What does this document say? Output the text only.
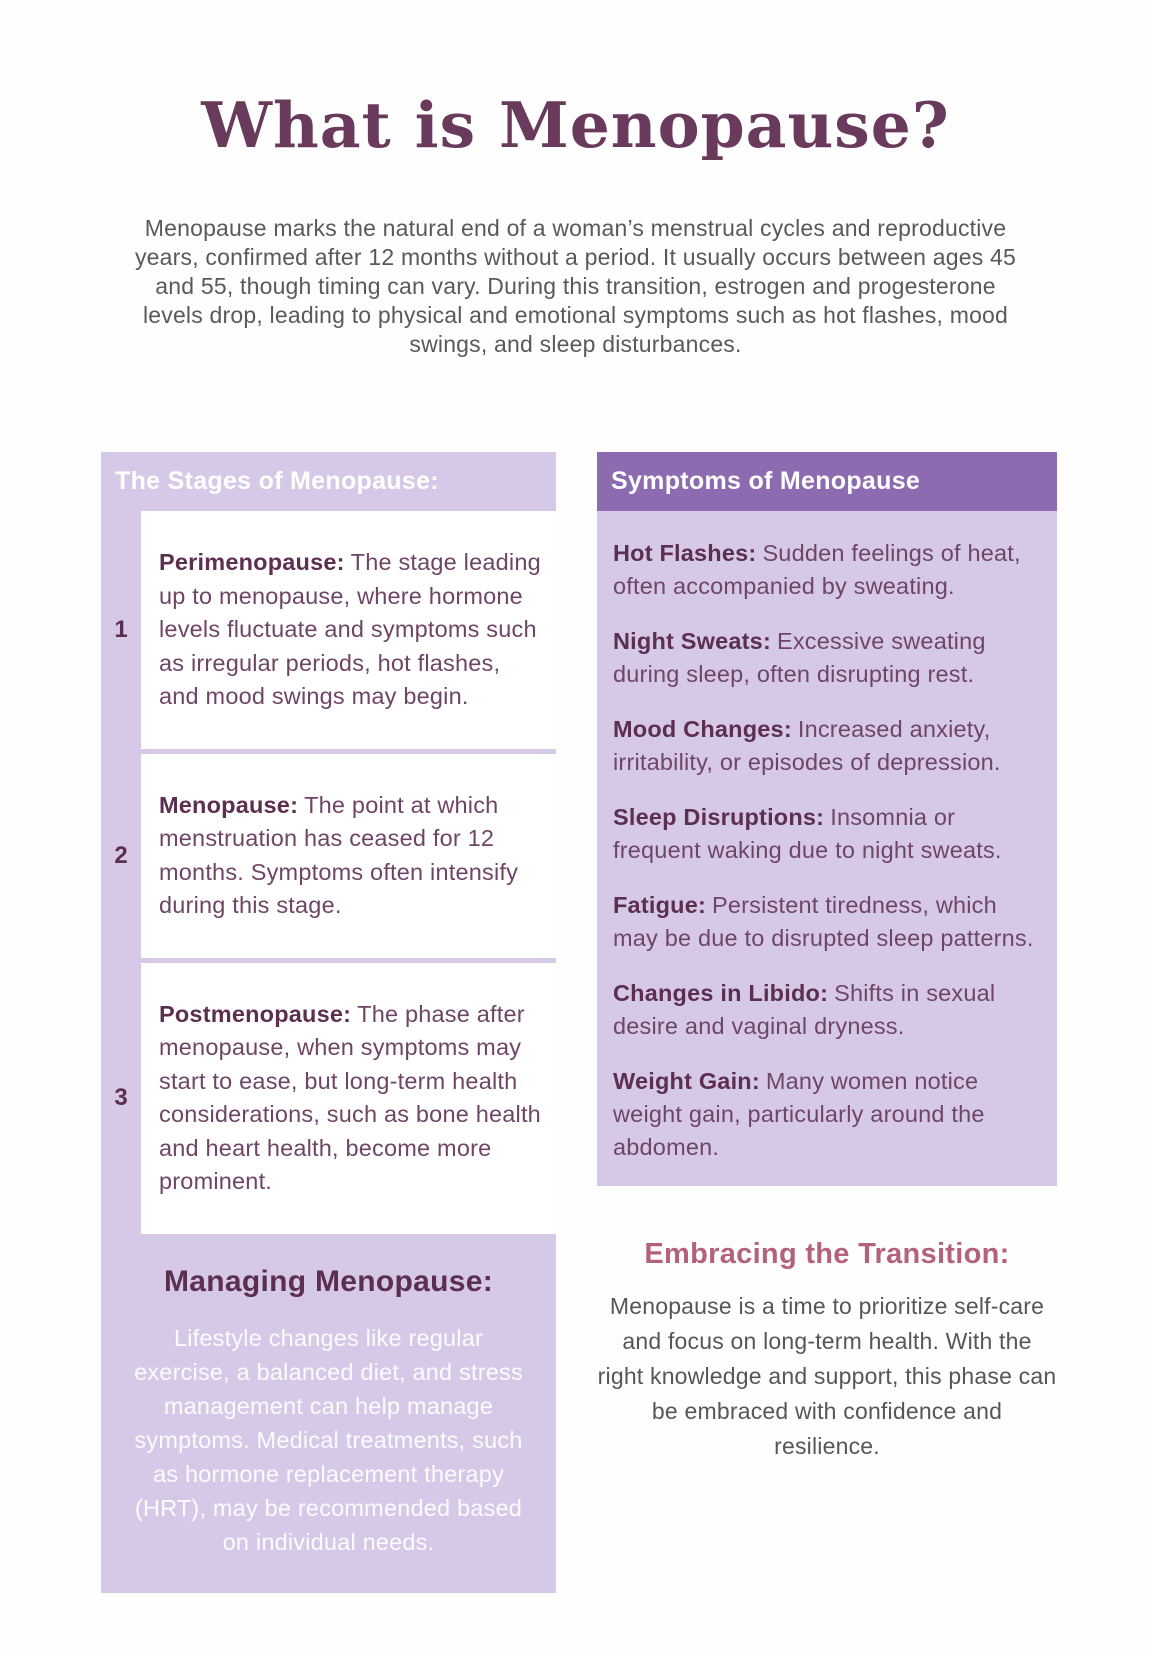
What is Menopause?

Menopause marks the natural end of a woman’s menstrual cycles and reproductive years, confirmed after 12 months without a period. It usually occurs between ages 45 and 55, though timing can vary. During this transition, estrogen and progesterone levels drop, leading to physical and emotional symptoms such as hot flashes, mood swings, and sleep disturbances.

The Stages of Menopause:
1
Perimenopause: The stage leading up to menopause, where hormone levels fluctuate and symptoms such as irregular periods, hot flashes, and mood swings may begin.
2
Menopause: The point at which menstruation has ceased for 12 months. Symptoms often intensify during this stage.
3
Postmenopause: The phase after menopause, when symptoms may start to ease, but long-term health considerations, such as bone health and heart health, become more prominent.
Managing Menopause:
Lifestyle changes like regular exercise, a balanced diet, and stress management can help manage symptoms. Medical treatments, such as hormone replacement therapy (HRT), may be recommended based on individual needs.
Symptoms of Menopause

Hot Flashes: Sudden feelings of heat, often accompanied by sweating.

Night Sweats: Excessive sweating during sleep, often disrupting rest.

Mood Changes: Increased anxiety, irritability, or episodes of depression.

Sleep Disruptions: Insomnia or frequent waking due to night sweats.

Fatigue: Persistent tiredness, which may be due to disrupted sleep patterns.

Changes in Libido: Shifts in sexual desire and vaginal dryness.

Weight Gain: Many women notice weight gain, particularly around the abdomen.

Embracing the Transition:

Menopause is a time to prioritize self-care and focus on long-term health. With the right knowledge and support, this phase can be embraced with confidence and resilience.
